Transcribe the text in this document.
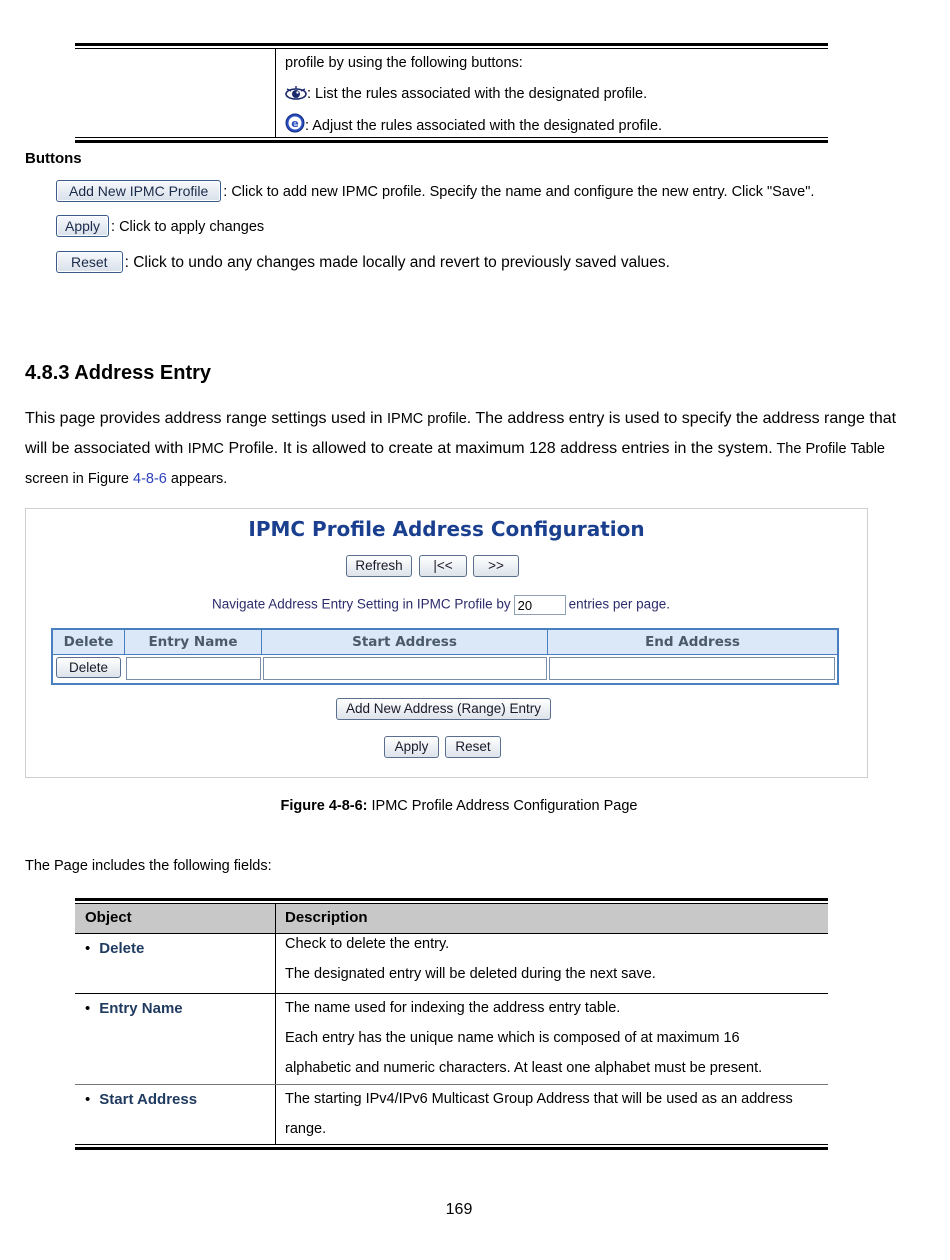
profile by using the following buttons:
: List the rules associated with the designated profile.
e : Adjust the rules associated with the designated profile.
Buttons
Add New IPMC Profile : Click to add new IPMC profile. Specify the name and configure the new entry. Click "Save".
Apply : Click to apply changes
Reset : Click to undo any changes made locally and revert to previously saved values.
4.8.3 Address Entry
This page provides address range settings used in IPMC profile. The address entry is used to specify the address range that will be associated with IPMC Profile. It is allowed to create at maximum 128 address entries in the system. The Profile Table screen in Figure 4-8-6 appears.
IPMC Profile Address Configuration
Refresh	|<<	>>
Navigate Address Entry Setting in IPMC Profile by 20	entries per page.
Delete	Entry Name	Start Address	End Address
Delete
Add New Address (Range) Entry
Apply	Reset
Figure 4-8-6: IPMC Profile Address Configuration Page
The Page includes the following fields:
Object	Description
• Delete	Check to delete the entry.
The designated entry will be deleted during the next save.
• Entry Name	The name used for indexing the address entry table.
Each entry has the unique name which is composed of at maximum 16
alphabetic and numeric characters. At least one alphabet must be present.
• Start Address	The starting IPv4/IPv6 Multicast Group Address that will be used as an address
range.
169
